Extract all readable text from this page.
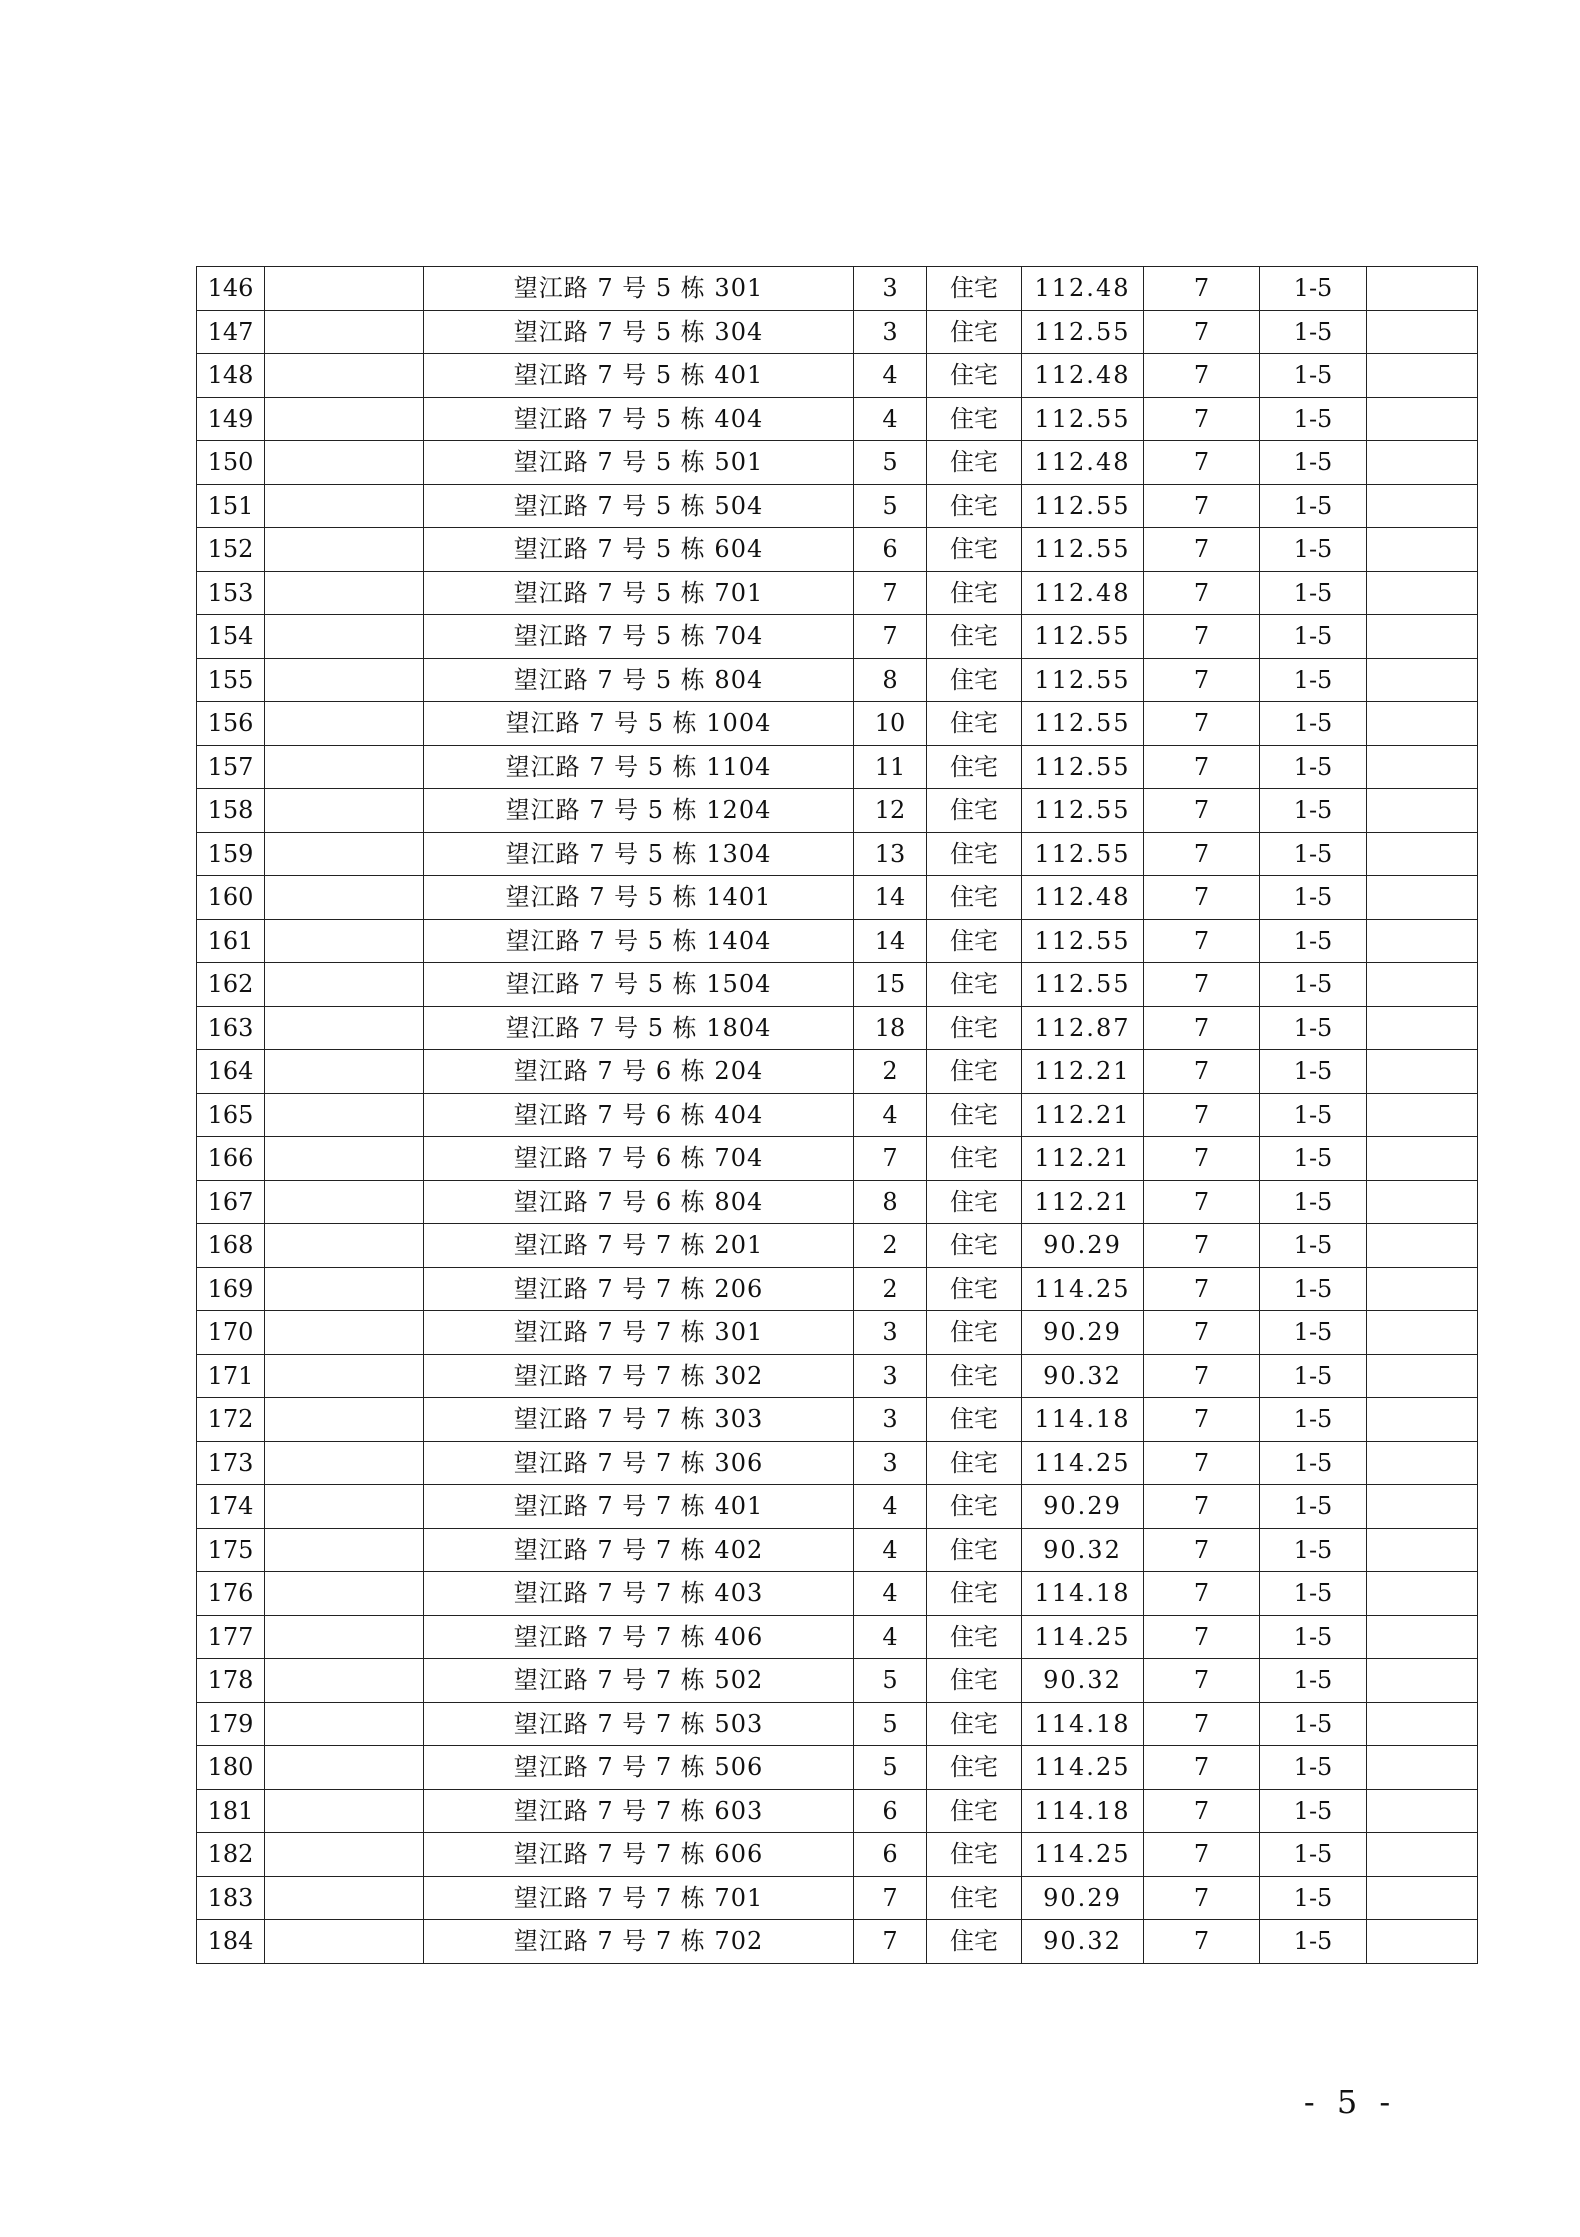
146		望江路 7 号 5 栋 301	3	住宅	112.48	7	1-5	
147		望江路 7 号 5 栋 304	3	住宅	112.55	7	1-5	
148		望江路 7 号 5 栋 401	4	住宅	112.48	7	1-5	
149		望江路 7 号 5 栋 404	4	住宅	112.55	7	1-5	
150		望江路 7 号 5 栋 501	5	住宅	112.48	7	1-5	
151		望江路 7 号 5 栋 504	5	住宅	112.55	7	1-5	
152		望江路 7 号 5 栋 604	6	住宅	112.55	7	1-5	
153		望江路 7 号 5 栋 701	7	住宅	112.48	7	1-5	
154		望江路 7 号 5 栋 704	7	住宅	112.55	7	1-5	
155		望江路 7 号 5 栋 804	8	住宅	112.55	7	1-5	
156		望江路 7 号 5 栋 1004	10	住宅	112.55	7	1-5	
157		望江路 7 号 5 栋 1104	11	住宅	112.55	7	1-5	
158		望江路 7 号 5 栋 1204	12	住宅	112.55	7	1-5	
159		望江路 7 号 5 栋 1304	13	住宅	112.55	7	1-5	
160		望江路 7 号 5 栋 1401	14	住宅	112.48	7	1-5	
161		望江路 7 号 5 栋 1404	14	住宅	112.55	7	1-5	
162		望江路 7 号 5 栋 1504	15	住宅	112.55	7	1-5	
163		望江路 7 号 5 栋 1804	18	住宅	112.87	7	1-5	
164		望江路 7 号 6 栋 204	2	住宅	112.21	7	1-5	
165		望江路 7 号 6 栋 404	4	住宅	112.21	7	1-5	
166		望江路 7 号 6 栋 704	7	住宅	112.21	7	1-5	
167		望江路 7 号 6 栋 804	8	住宅	112.21	7	1-5	
168		望江路 7 号 7 栋 201	2	住宅	90.29	7	1-5	
169		望江路 7 号 7 栋 206	2	住宅	114.25	7	1-5	
170		望江路 7 号 7 栋 301	3	住宅	90.29	7	1-5	
171		望江路 7 号 7 栋 302	3	住宅	90.32	7	1-5	
172		望江路 7 号 7 栋 303	3	住宅	114.18	7	1-5	
173		望江路 7 号 7 栋 306	3	住宅	114.25	7	1-5	
174		望江路 7 号 7 栋 401	4	住宅	90.29	7	1-5	
175		望江路 7 号 7 栋 402	4	住宅	90.32	7	1-5	
176		望江路 7 号 7 栋 403	4	住宅	114.18	7	1-5	
177		望江路 7 号 7 栋 406	4	住宅	114.25	7	1-5	
178		望江路 7 号 7 栋 502	5	住宅	90.32	7	1-5	
179		望江路 7 号 7 栋 503	5	住宅	114.18	7	1-5	
180		望江路 7 号 7 栋 506	5	住宅	114.25	7	1-5	
181		望江路 7 号 7 栋 603	6	住宅	114.18	7	1-5	
182		望江路 7 号 7 栋 606	6	住宅	114.25	7	1-5	
183		望江路 7 号 7 栋 701	7	住宅	90.29	7	1-5	
184		望江路 7 号 7 栋 702	7	住宅	90.32	7	1-5	
- 5 -
